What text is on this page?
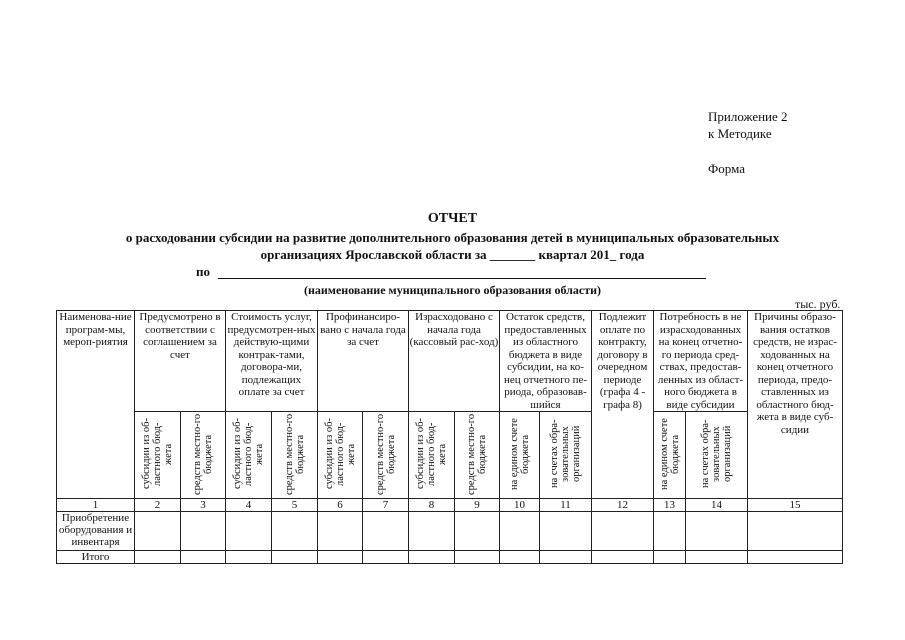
Приложение 2
к Методике
Форма
ОТЧЕТ
о расходовании субсидии на развитие дополнительного образования детей в муниципальных образовательных
организациях Ярославской области за _______ квартал 201_ года
по
(наименование муниципального образования области)
тыс. руб.
Наименова-ние програм-мы, мероп-риятия	Предусмотрено в соответствии с соглашением за счет		Стоимость услуг, предусмотрен-ных действую-щими контрак-тами, договора-ми, подлежащих оплате за счет		Профинансиро-вано с начала года за счет		Израсходовано с начала года (кассовый рас-ход)		Остаток средств, предоставленных из областного бюджета в виде субсидии, на ко-нец отчетного пе-риода, образовав-шийся		Подлежит оплате по контракту, договору в очередном периоде (графа 4 - графа 8)	Потребность в не израсходованных на конец отчетно-го периода сред-ствах, предостав-ленных из област-ного бюджета в виде субсидии		Причины образо-вания остатков средств, не израс-ходованных на конец отчетного периода, предо-ставленных из областного бюд-жета в виде суб-сидии

	субсидии из об-ластного бюд-жета	средств местно-го бюджета	субсидии из об-ластного бюд-жета	средств местно-го бюджета	субсидии из об-ластного бюд-жета	средств местно-го бюджета	субсидии из об-ластного бюд-жета	средств местно-го бюджета	на едином счете бюджета	на счетах обра-зовательных организаций		на едином счете бюджета	на счетах обра-зовательных организаций	

1	2	3	4	5	6	7	8	9	10	11	12	13	14	15
Приобретение оборудования и инвентаря														
Итого														
